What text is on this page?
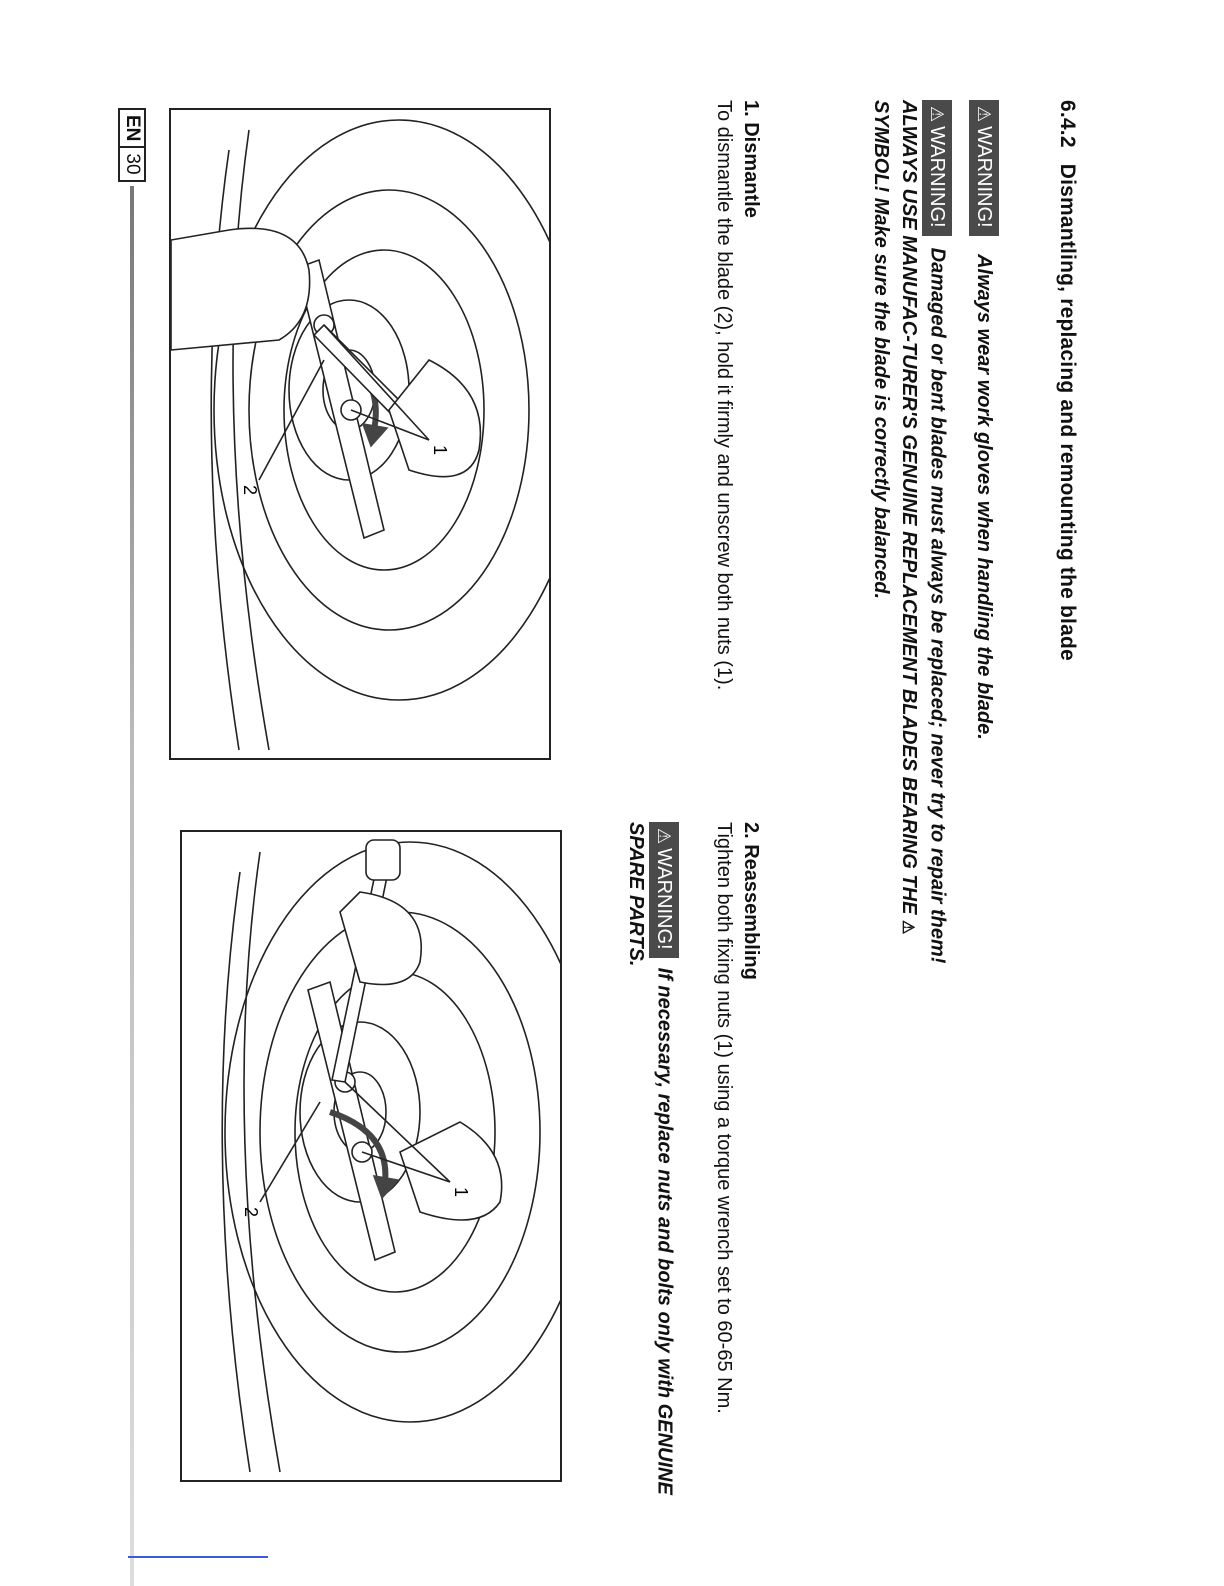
6.4.2 Dismantling, replacing and remounting the blade
⚠WARNING! Always wear work gloves when handling the blade.
⚠WARNING!Damaged or bent blades must always be replaced; never try to repair them! ALWAYS USE MANUFAC-TURER'S GENUINE REPLACEMENT BLADES BEARING THE ⚠ SYMBOL! Make sure the blade is correctly balanced.
1. Dismantle
To dismantle the blade (2), hold it firmly and unscrew both nuts (1).
2. Reassembling
Tighten both fixing nuts (1) using a torque wrench set to 60-65 Nm.
⚠WARNING!If necessary, replace nuts and bolts only with GENUINE SPARE PARTS.
1
2
1
2
EN
30
